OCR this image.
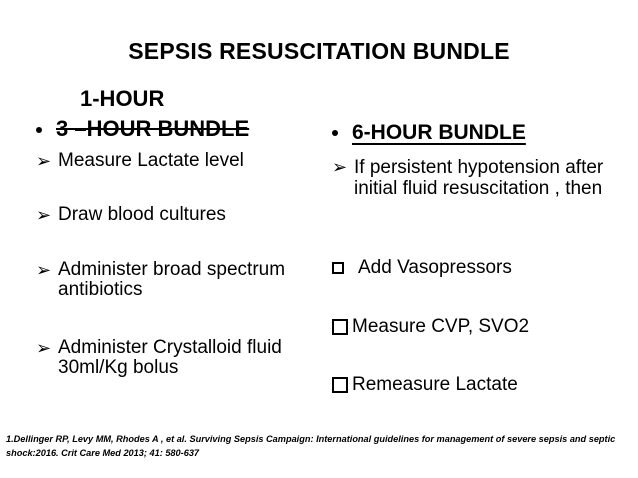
SEPSIS RESUSCITATION BUNDLE
1-HOUR
3 –HOUR BUNDLE
➢ Measure Lactate level
➢ Draw blood cultures
➢ Administer broad spectrum antibiotics
➢ Administer Crystalloid fluid 30ml/Kg bolus
6-HOUR BUNDLE
➢ If persistent hypotension after initial fluid resuscitation , then
Add Vasopressors
Measure CVP, SVO2
Remeasure Lactate
1.Dellinger RP, Levy MM, Rhodes A , et al. Surviving Sepsis Campaign: International guidelines for management of severe sepsis and septic shock:2016. Crit Care Med 2013; 41: 580-637
